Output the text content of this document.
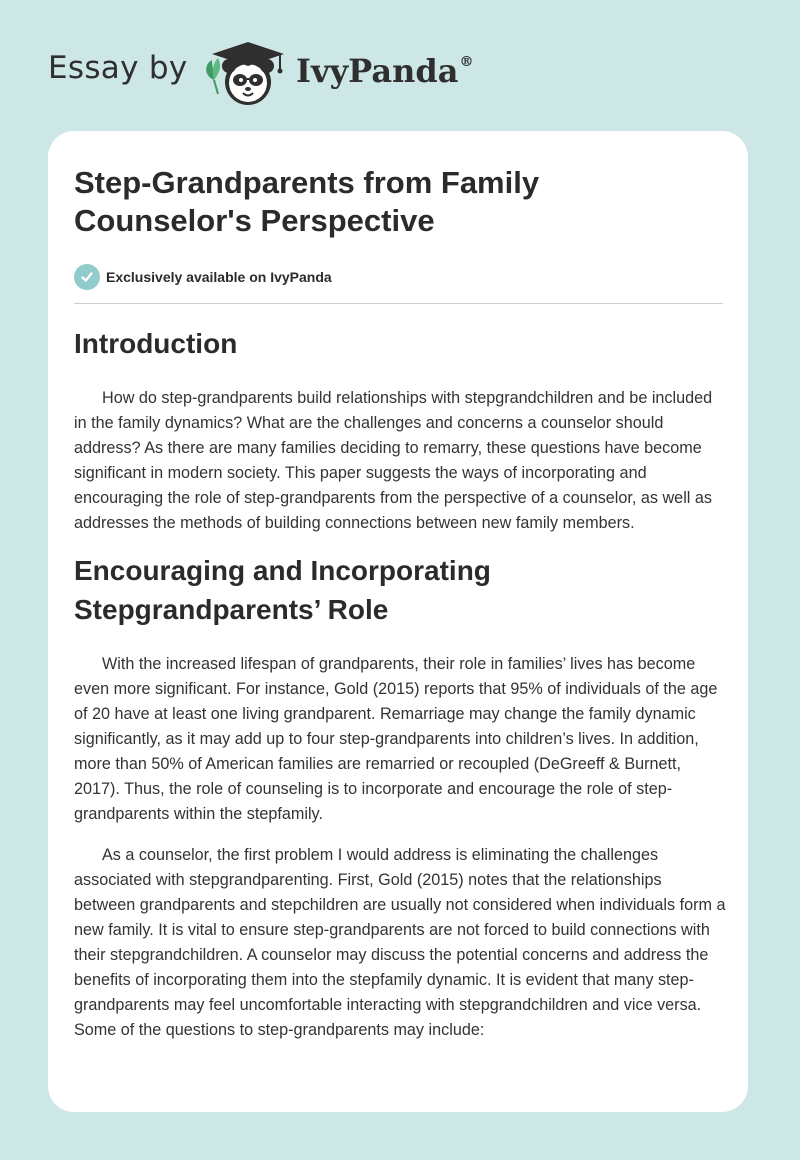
Essay by	IvyPanda®
Step-Grandparents from Family Counselor's Perspective
Exclusively available on IvyPanda
Introduction

How do step-grandparents build relationships with stepgrandchildren and be included in the family dynamics? What are the challenges and concerns a counselor should address? As there are many families deciding to remarry, these questions have become significant in modern society. This paper suggests the ways of incorporating and encouraging the role of step-grandparents from the perspective of a counselor, as well as addresses the methods of building connections between new family members.

Encouraging and Incorporating Stepgrandparents’ Role

With the increased lifespan of grandparents, their role in families’ lives has become even more significant. For instance, Gold (2015) reports that 95% of individuals of the age of 20 have at least one living grandparent. Remarriage may change the family dynamic significantly, as it may add up to four step-grandparents into children’s lives. In addition, more than 50% of American families are remarried or recoupled (DeGreeff & Burnett, 2017). Thus, the role of counseling is to incorporate and encourage the role of step-grandparents within the stepfamily.

As a counselor, the first problem I would address is eliminating the challenges associated with stepgrandparenting. First, Gold (2015) notes that the relationships between grandparents and stepchildren are usually not considered when individuals form a new family. It is vital to ensure step-grandparents are not forced to build connections with their stepgrandchildren. A counselor may discuss the potential concerns and address the benefits of incorporating them into the stepfamily dynamic. It is evident that many step-grandparents may feel uncomfortable interacting with stepgrandchildren and vice versa. Some of the questions to step-grandparents may include:
